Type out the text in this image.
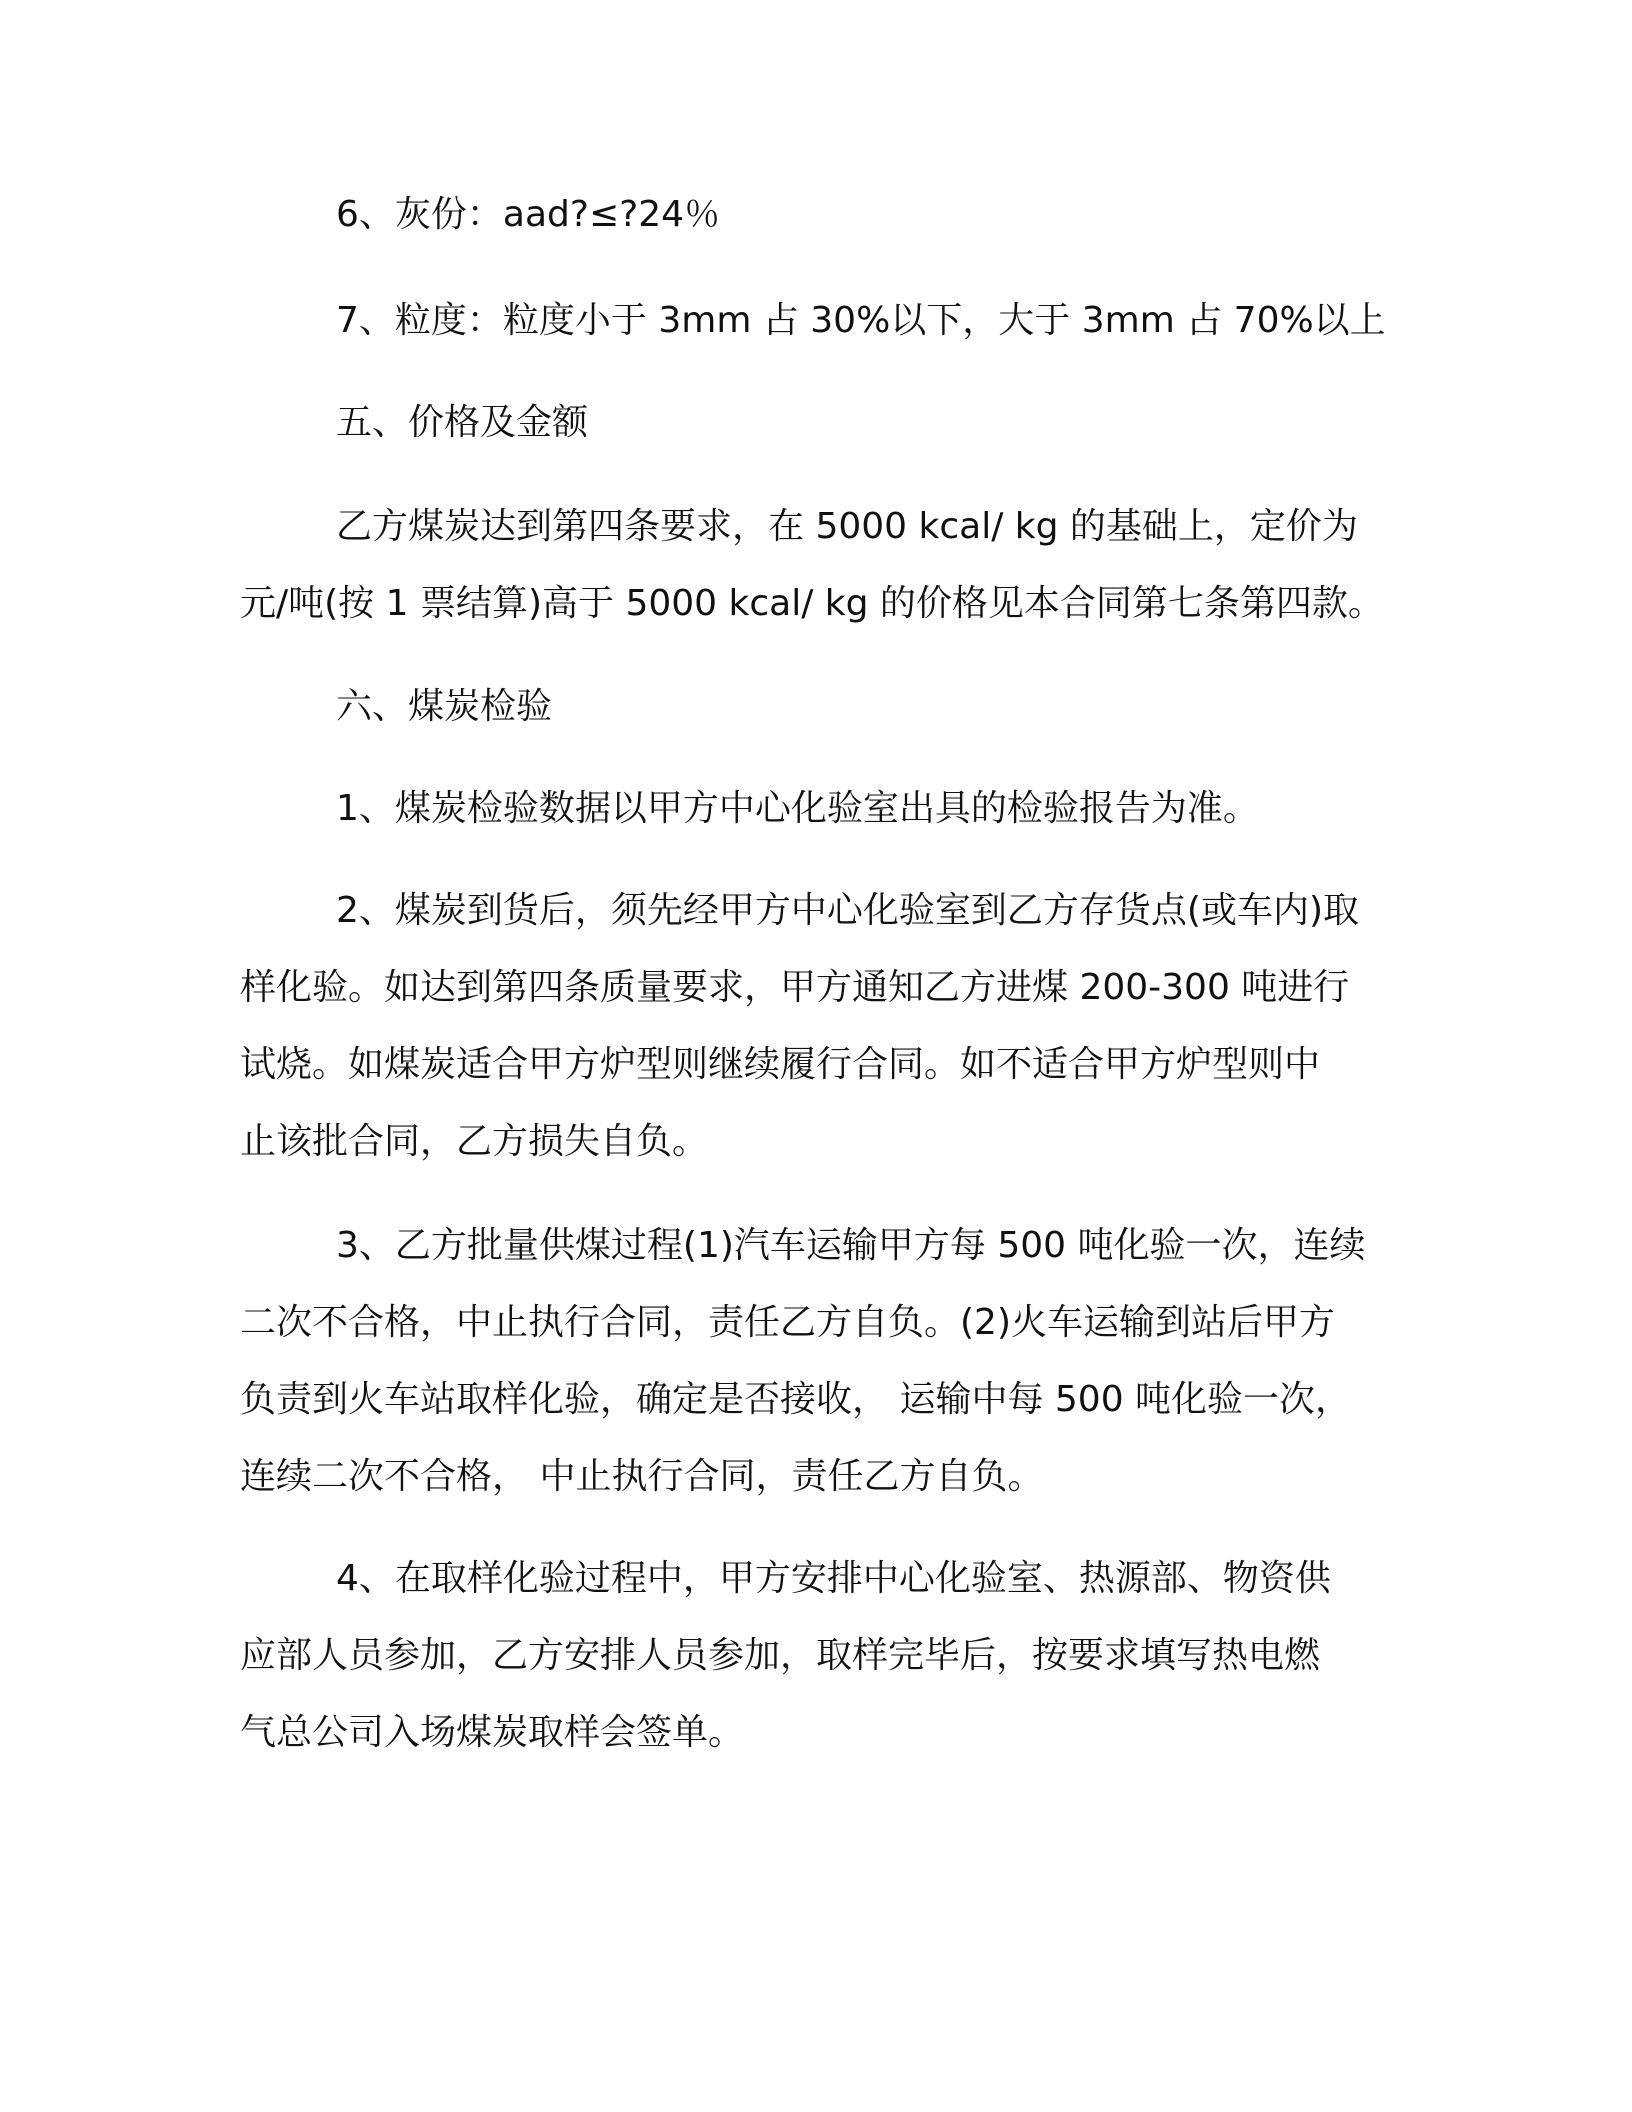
6、灰份：aad?≤?24％

7、粒度：粒度小于 3mm 占 30%以下，大于 3mm 占 70%以上

五、价格及金额

乙方煤炭达到第四条要求，在 5000 kcal/ kg 的基础上，定价为
元/吨(按 1 票结算)高于 5000 kcal/ kg 的价格见本合同第七条第四款。

六、煤炭检验

1、煤炭检验数据以甲方中心化验室出具的检验报告为准。

2、煤炭到货后，须先经甲方中心化验室到乙方存货点(或车内)取
样化验。如达到第四条质量要求，甲方通知乙方进煤 200-300 吨进行
试烧。如煤炭适合甲方炉型则继续履行合同。如不适合甲方炉型则中
止该批合同，乙方损失自负。

3、乙方批量供煤过程(1)汽车运输甲方每 500 吨化验一次，连续
二次不合格，中止执行合同，责任乙方自负。(2)火车运输到站后甲方
负责到火车站取样化验，确定是否接收， 运输中每 500 吨化验一次，
连续二次不合格， 中止执行合同，责任乙方自负。

4、在取样化验过程中，甲方安排中心化验室、热源部、物资供
应部人员参加，乙方安排人员参加，取样完毕后，按要求填写热电燃
气总公司入场煤炭取样会签单。
